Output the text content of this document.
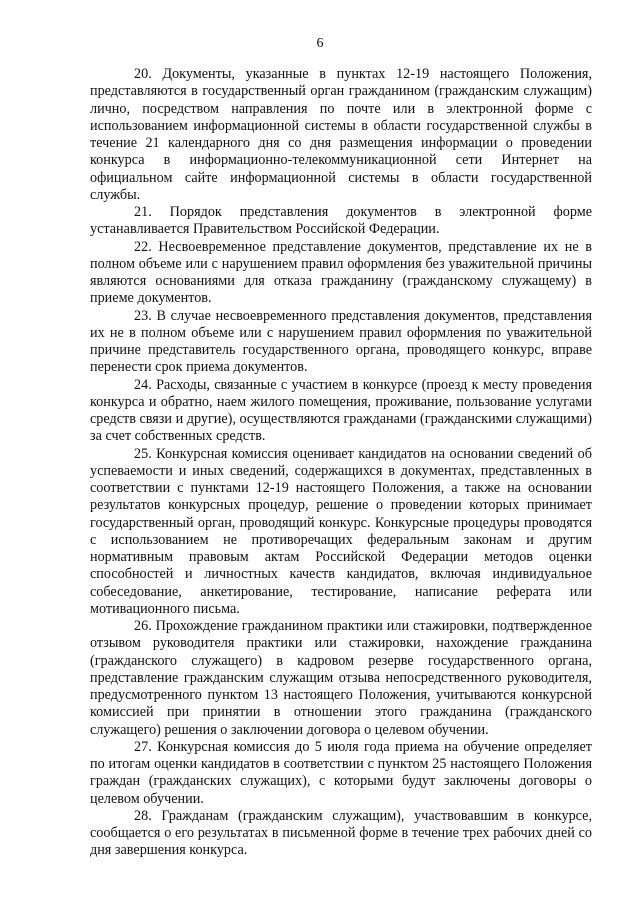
6

20. Документы, указанные в пунктах 12-19 настоящего Положения, представляются в государственный орган гражданином (гражданским служащим) лично, посредством направления по почте или в электронной форме с использованием информационной системы в области государственной службы в течение 21 календарного дня со дня размещения информации о проведении конкурса в информационно-телекоммуникационной сети Интернет на официальном сайте информационной системы в области государственной службы.

21. Порядок представления документов в электронной форме устанавливается Правительством Российской Федерации.

22. Несвоевременное представление документов, представление их не в полном объеме или с нарушением правил оформления без уважительной причины являются основаниями для отказа гражданину (гражданскому служащему) в приеме документов.

23. В случае несвоевременного представления документов, представления их не в полном объеме или с нарушением правил оформления по уважительной причине представитель государственного органа, проводящего конкурс, вправе перенести срок приема документов.

24. Расходы, связанные с участием в конкурсе (проезд к месту проведения конкурса и обратно, наем жилого помещения, проживание, пользование услугами средств связи и другие), осуществляются гражданами (гражданскими служащими) за счет собственных средств.

25. Конкурсная комиссия оценивает кандидатов на основании сведений об успеваемости и иных сведений, содержащихся в документах, представленных в соответствии с пунктами 12-19 настоящего Положения, а также на основании результатов конкурсных процедур, решение о проведении которых принимает государственный орган, проводящий конкурс. Конкурсные процедуры проводятся с использованием не противоречащих федеральным законам и другим нормативным правовым актам Российской Федерации методов оценки способностей и личностных качеств кандидатов, включая индивидуальное собеседование, анкетирование, тестирование, написание реферата или мотивационного письма.

26. Прохождение гражданином практики или стажировки, подтвержденное отзывом руководителя практики или стажировки, нахождение гражданина (гражданского служащего) в кадровом резерве государственного органа, представление гражданским служащим отзыва непосредственного руководителя, предусмотренного пунктом 13 настоящего Положения, учитываются конкурсной комиссией при принятии в отношении этого гражданина (гражданского служащего) решения о заключении договора о целевом обучении.

27. Конкурсная комиссия до 5 июля года приема на обучение определяет по итогам оценки кандидатов в соответствии с пунктом 25 настоящего Положения граждан (гражданских служащих), с которыми будут заключены договоры о целевом обучении.

28. Гражданам (гражданским служащим), участвовавшим в конкурсе, сообщается о его результатах в письменной форме в течение трех рабочих дней со дня завершения конкурса.
